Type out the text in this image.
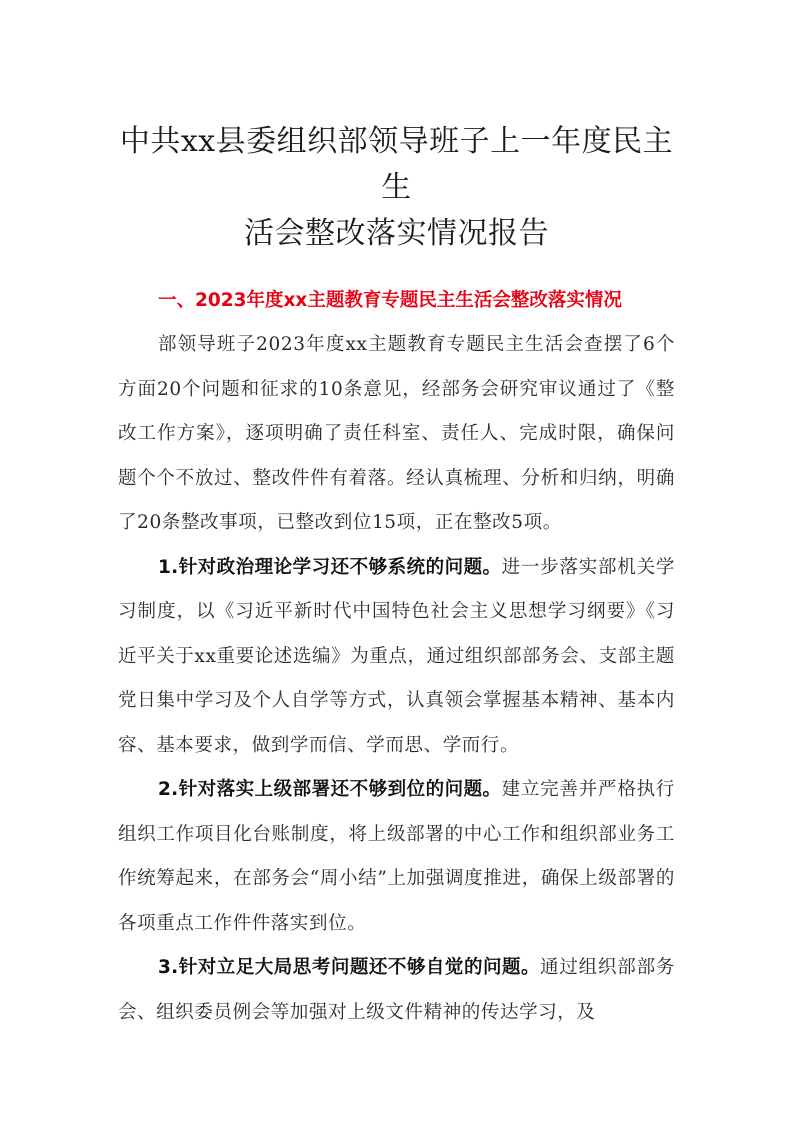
中共xx县委组织部领导班子上一年度民主生
活会整改落实情况报告

一、2023年度xx主题教育专题民主生活会整改落实情况

部领导班子2023年度xx主题教育专题民主生活会查摆了6个方面20个问题和征求的10条意见，经部务会研究审议通过了《整改工作方案》，逐项明确了责任科室、责任人、完成时限，确保问题个个不放过、整改件件有着落。经认真梳理、分析和归纳，明确了20条整改事项，已整改到位15项，正在整改5项。

1.针对政治理论学习还不够系统的问题。进一步落实部机关学习制度，以《习近平新时代中国特色社会主义思想学习纲要》《习近平关于xx重要论述选编》为重点，通过组织部部务会、支部主题党日集中学习及个人自学等方式，认真领会掌握基本精神、基本内容、基本要求，做到学而信、学而思、学而行。

2.针对落实上级部署还不够到位的问题。建立完善并严格执行组织工作项目化台账制度，将上级部署的中心工作和组织部业务工作统筹起来，在部务会“周小结”上加强调度推进，确保上级部署的各项重点工作件件落实到位。

3.针对立足大局思考问题还不够自觉的问题。通过组织部部务会、组织委员例会等加强对上级文件精神的传达学习，及
